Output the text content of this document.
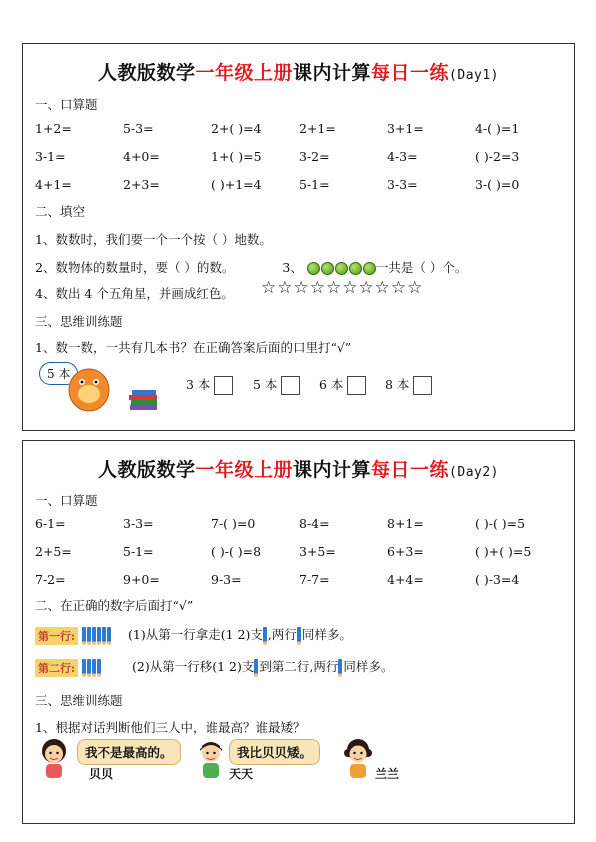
人教版数学一年级上册课内计算每日一练(Day1)
一、口算题
1+2=	5-3=	2+( )=4	2+1=	3+1=	4-( )=1
3-1=	4+0=	1+( )=5	3-2=	4-3=	( )-2=3
4+1=	2+3=	( )+1=4	5-1=	3-3=	3-( )=0
二、填空
1、数数时，我们要一个一个按（ ）地数。
2、数物体的数量时，要（ ）的数。	3、	一共是（ ）个。
4、数出 4 个五角星，并画成红色。 ☆☆☆☆☆☆☆☆☆☆
三、思维训练题
1、数一数，一共有几本书？在正确答案后面的口里打“√”
5 本
3 本	5 本	6 本	8 本
人教版数学一年级上册课内计算每日一练(Day2)
一、口算题
6-1=	3-3=	7-( )=0	8-4=	8+1=	( )-( )=5
2+5=	5-1=	( )-( )=8	3+5=	6+3=	( )+( )=5
7-2=	9+0=	9-3=	7-7=	4+4=	( )-3=4
二、在正确的数字后面打“√”
第一行:	(1)从第一行拿走(1 2)支 ,两行 同样多。
第二行:	(2)从第一行移(1 2)支 到第二行,两行 同样多。
三、思维训练题
1、根据对话判断他们三人中，谁最高？谁最矮？
我不是最高的。
贝贝
我比贝贝矮。
天天	兰兰
